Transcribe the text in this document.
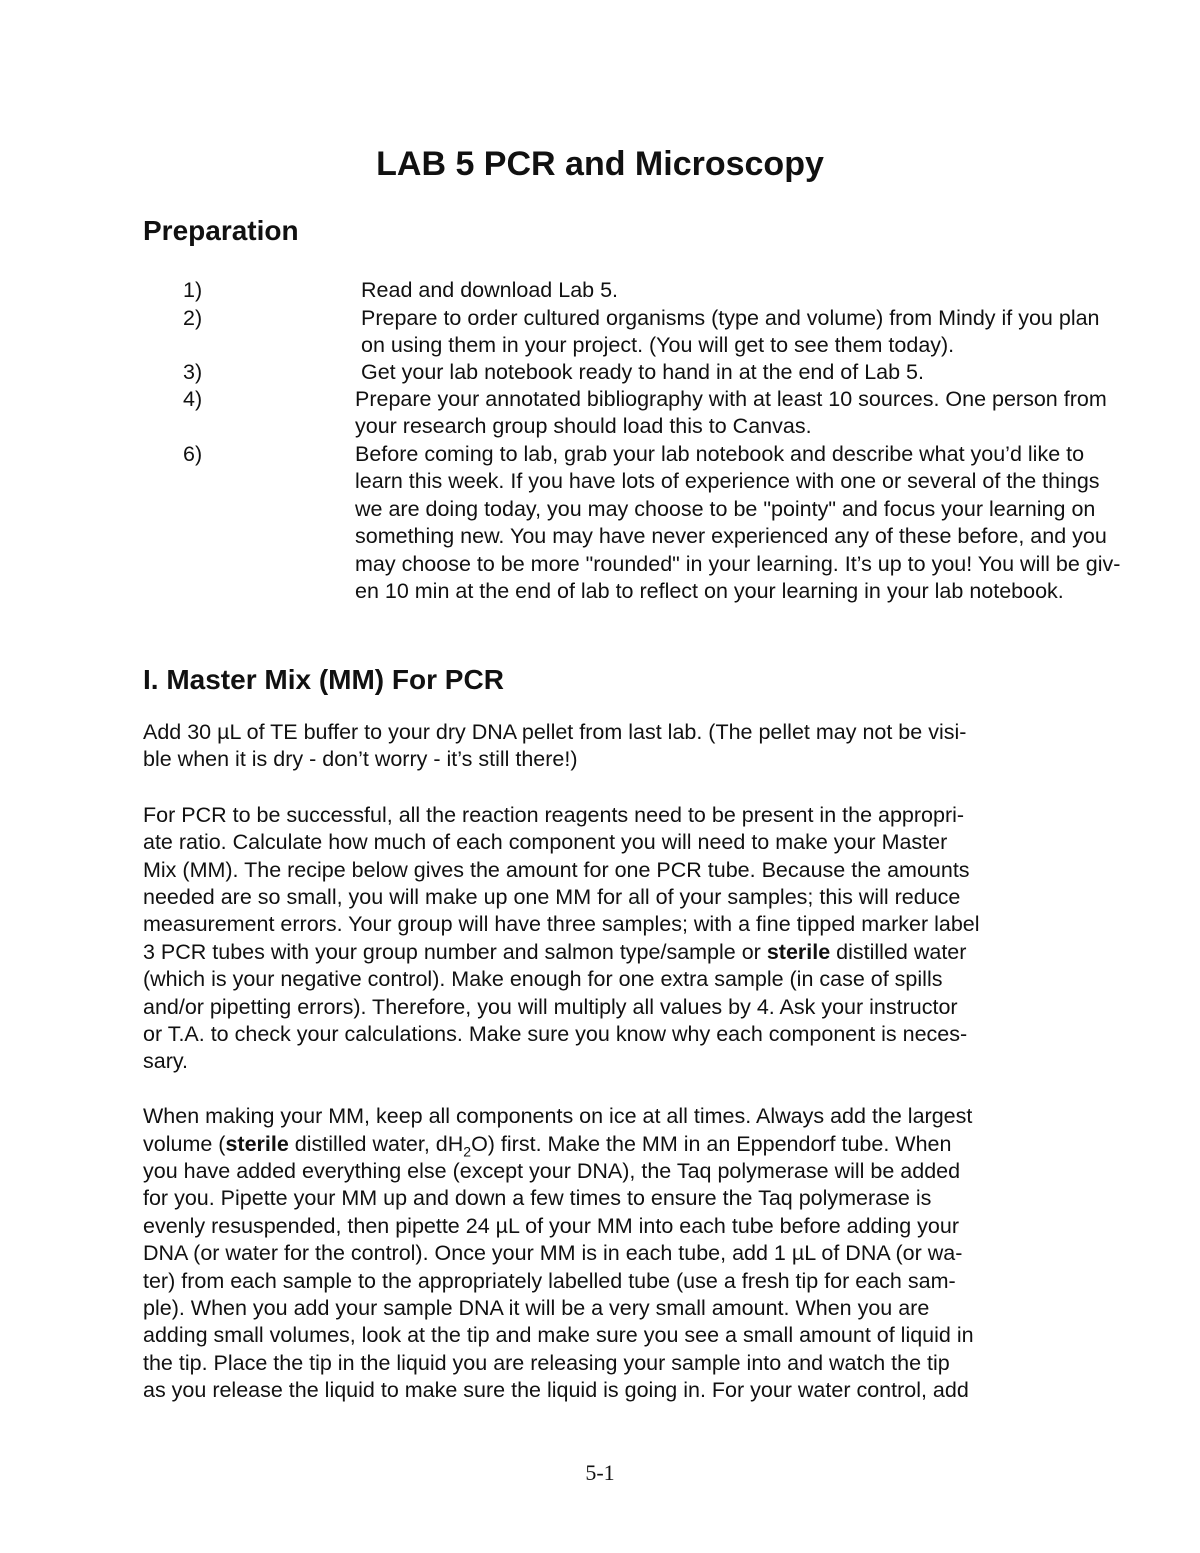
LAB 5 PCR and Microscopy
Preparation
1)	Read and download Lab 5.
2)	Prepare to order cultured organisms (type and volume) from Mindy if you plan
on using them in your project. (You will get to see them today).
3)	Get your lab notebook ready to hand in at the end of Lab 5.
4)	Prepare your annotated bibliography with at least 10 sources. One person from
your research group should load this to Canvas.
6)	Before coming to lab, grab your lab notebook and describe what you’d like to
learn this week. If you have lots of experience with one or several of the things
we are doing today, you may choose to be "pointy" and focus your learning on
something new. You may have never experienced any of these before, and you
may choose to be more "rounded" in your learning. It’s up to you! You will be giv-
en 10 min at the end of lab to reflect on your learning in your lab notebook.
I. Master Mix (MM) For PCR
Add 30 µL of TE buffer to your dry DNA pellet from last lab. (The pellet may not be visi-
ble when it is dry - don’t worry - it’s still there!)
For PCR to be successful, all the reaction reagents need to be present in the appropri-
ate ratio. Calculate how much of each component you will need to make your Master
Mix (MM). The recipe below gives the amount for one PCR tube. Because the amounts
needed are so small, you will make up one MM for all of your samples; this will reduce
measurement errors. Your group will have three samples; with a fine tipped marker label
3 PCR tubes with your group number and salmon type/sample or sterile distilled water
(which is your negative control). Make enough for one extra sample (in case of spills
and/or pipetting errors). Therefore, you will multiply all values by 4. Ask your instructor
or T.A. to check your calculations. Make sure you know why each component is neces-
sary.
When making your MM, keep all components on ice at all times. Always add the largest
volume (sterile distilled water, $dH_2O$) first. Make the MM in an Eppendorf tube. When
you have added everything else (except your DNA), the Taq polymerase will be added
for you. Pipette your MM up and down a few times to ensure the Taq polymerase is
evenly resuspended, then pipette 24 µL of your MM into each tube before adding your
DNA (or water for the control). Once your MM is in each tube, add 1 µL of DNA (or wa-
ter) from each sample to the appropriately labelled tube (use a fresh tip for each sam-
ple). When you add your sample DNA it will be a very small amount. When you are
adding small volumes, look at the tip and make sure you see a small amount of liquid in
the tip. Place the tip in the liquid you are releasing your sample into and watch the tip
as you release the liquid to make sure the liquid is going in. For your water control, add
5-1
